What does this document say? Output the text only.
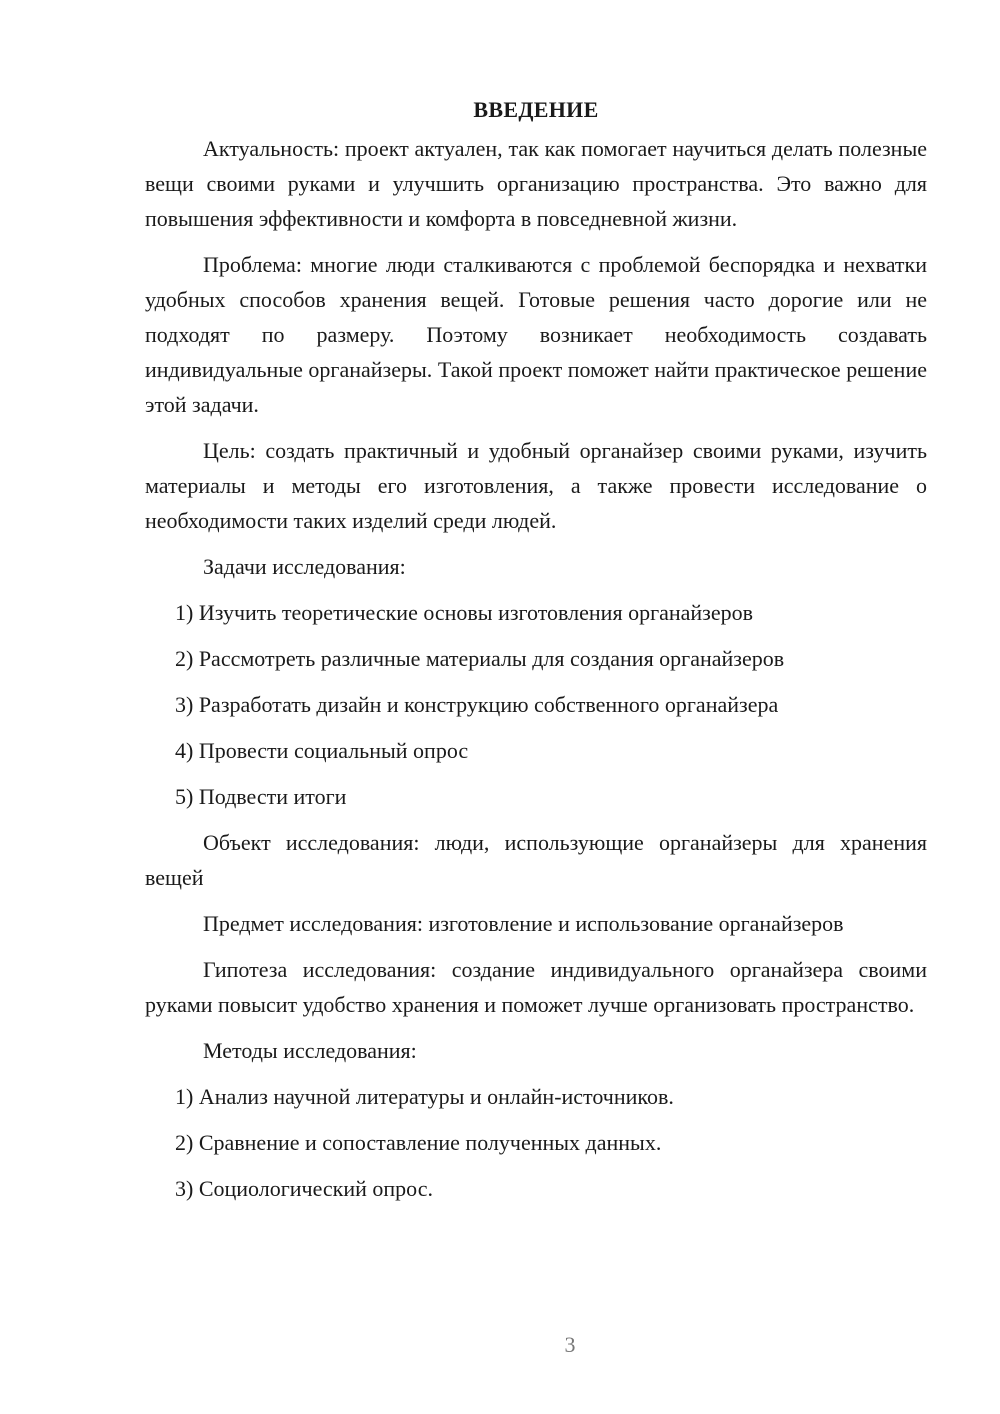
ВВЕДЕНИЕ

Актуальность: проект актуален, так как помогает научиться делать полезные вещи своими руками и улучшить организацию пространства. Это важно для повышения эффективности и комфорта в повседневной жизни.

Проблема: многие люди сталкиваются с проблемой беспорядка и нехватки удобных способов хранения вещей. Готовые решения часто дорогие или не подходят по размеру. Поэтому возникает необходимость создавать индивидуальные органайзеры. Такой проект поможет найти практическое решение этой задачи.

Цель: создать практичный и удобный органайзер своими руками, изучить материалы и методы его изготовления, а также провести исследование о необходимости таких изделий среди людей.

Задачи исследования:
1) Изучить теоретические основы изготовления органайзеров
2) Рассмотреть различные материалы для создания органайзеров
3) Разработать дизайн и конструкцию собственного органайзера
4) Провести социальный опрос
5) Подвести итоги

Объект исследования: люди, использующие органайзеры для хранения вещей

Предмет исследования: изготовление и использование органайзеров

Гипотеза исследования: создание индивидуального органайзера своими руками повысит удобство хранения и поможет лучше организовать пространство.

Методы исследования:
1) Анализ научной литературы и онлайн-источников.
2) Сравнение и сопоставление полученных данных.
3) Социологический опрос.
3
